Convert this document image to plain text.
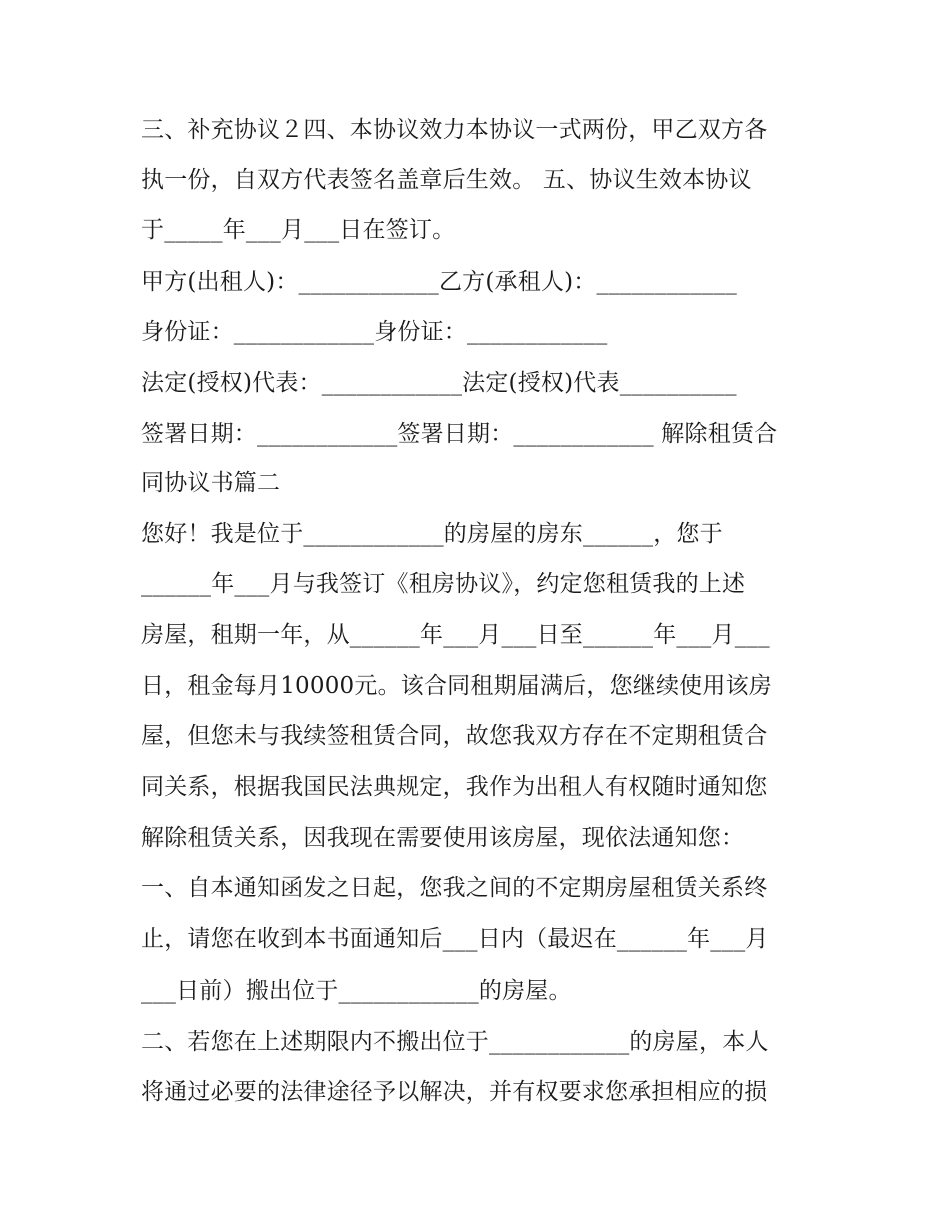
三、补充协议２四、本协议效力本协议一式两份，甲乙双方各
执一份，自双方代表签名盖章后生效。 五、协议生效本协议
于_____年___月___日在签订。
甲方(出租人)：____________乙方(承租人)：____________
身份证：____________身份证：____________
法定(授权)代表：____________法定(授权)代表__________
签署日期：____________签署日期：____________ 解除租赁合
同协议书篇二
您好！我是位于____________的房屋的房东______，您于
______年___月与我签订《租房协议》，约定您租赁我的上述
房屋，租期一年，从______年___月___日至______年___月___
日，租金每月10000元。该合同租期届满后，您继续使用该房
屋，但您未与我续签租赁合同，故您我双方存在不定期租赁合
同关系，根据我国民法典规定，我作为出租人有权随时通知您
解除租赁关系，因我现在需要使用该房屋，现依法通知您：
一、自本通知函发之日起，您我之间的不定期房屋租赁关系终
止，请您在收到本书面通知后___日内（最迟在______年___月
___日前）搬出位于____________的房屋。
二、若您在上述期限内不搬出位于____________的房屋，本人
将通过必要的法律途径予以解决，并有权要求您承担相应的损
